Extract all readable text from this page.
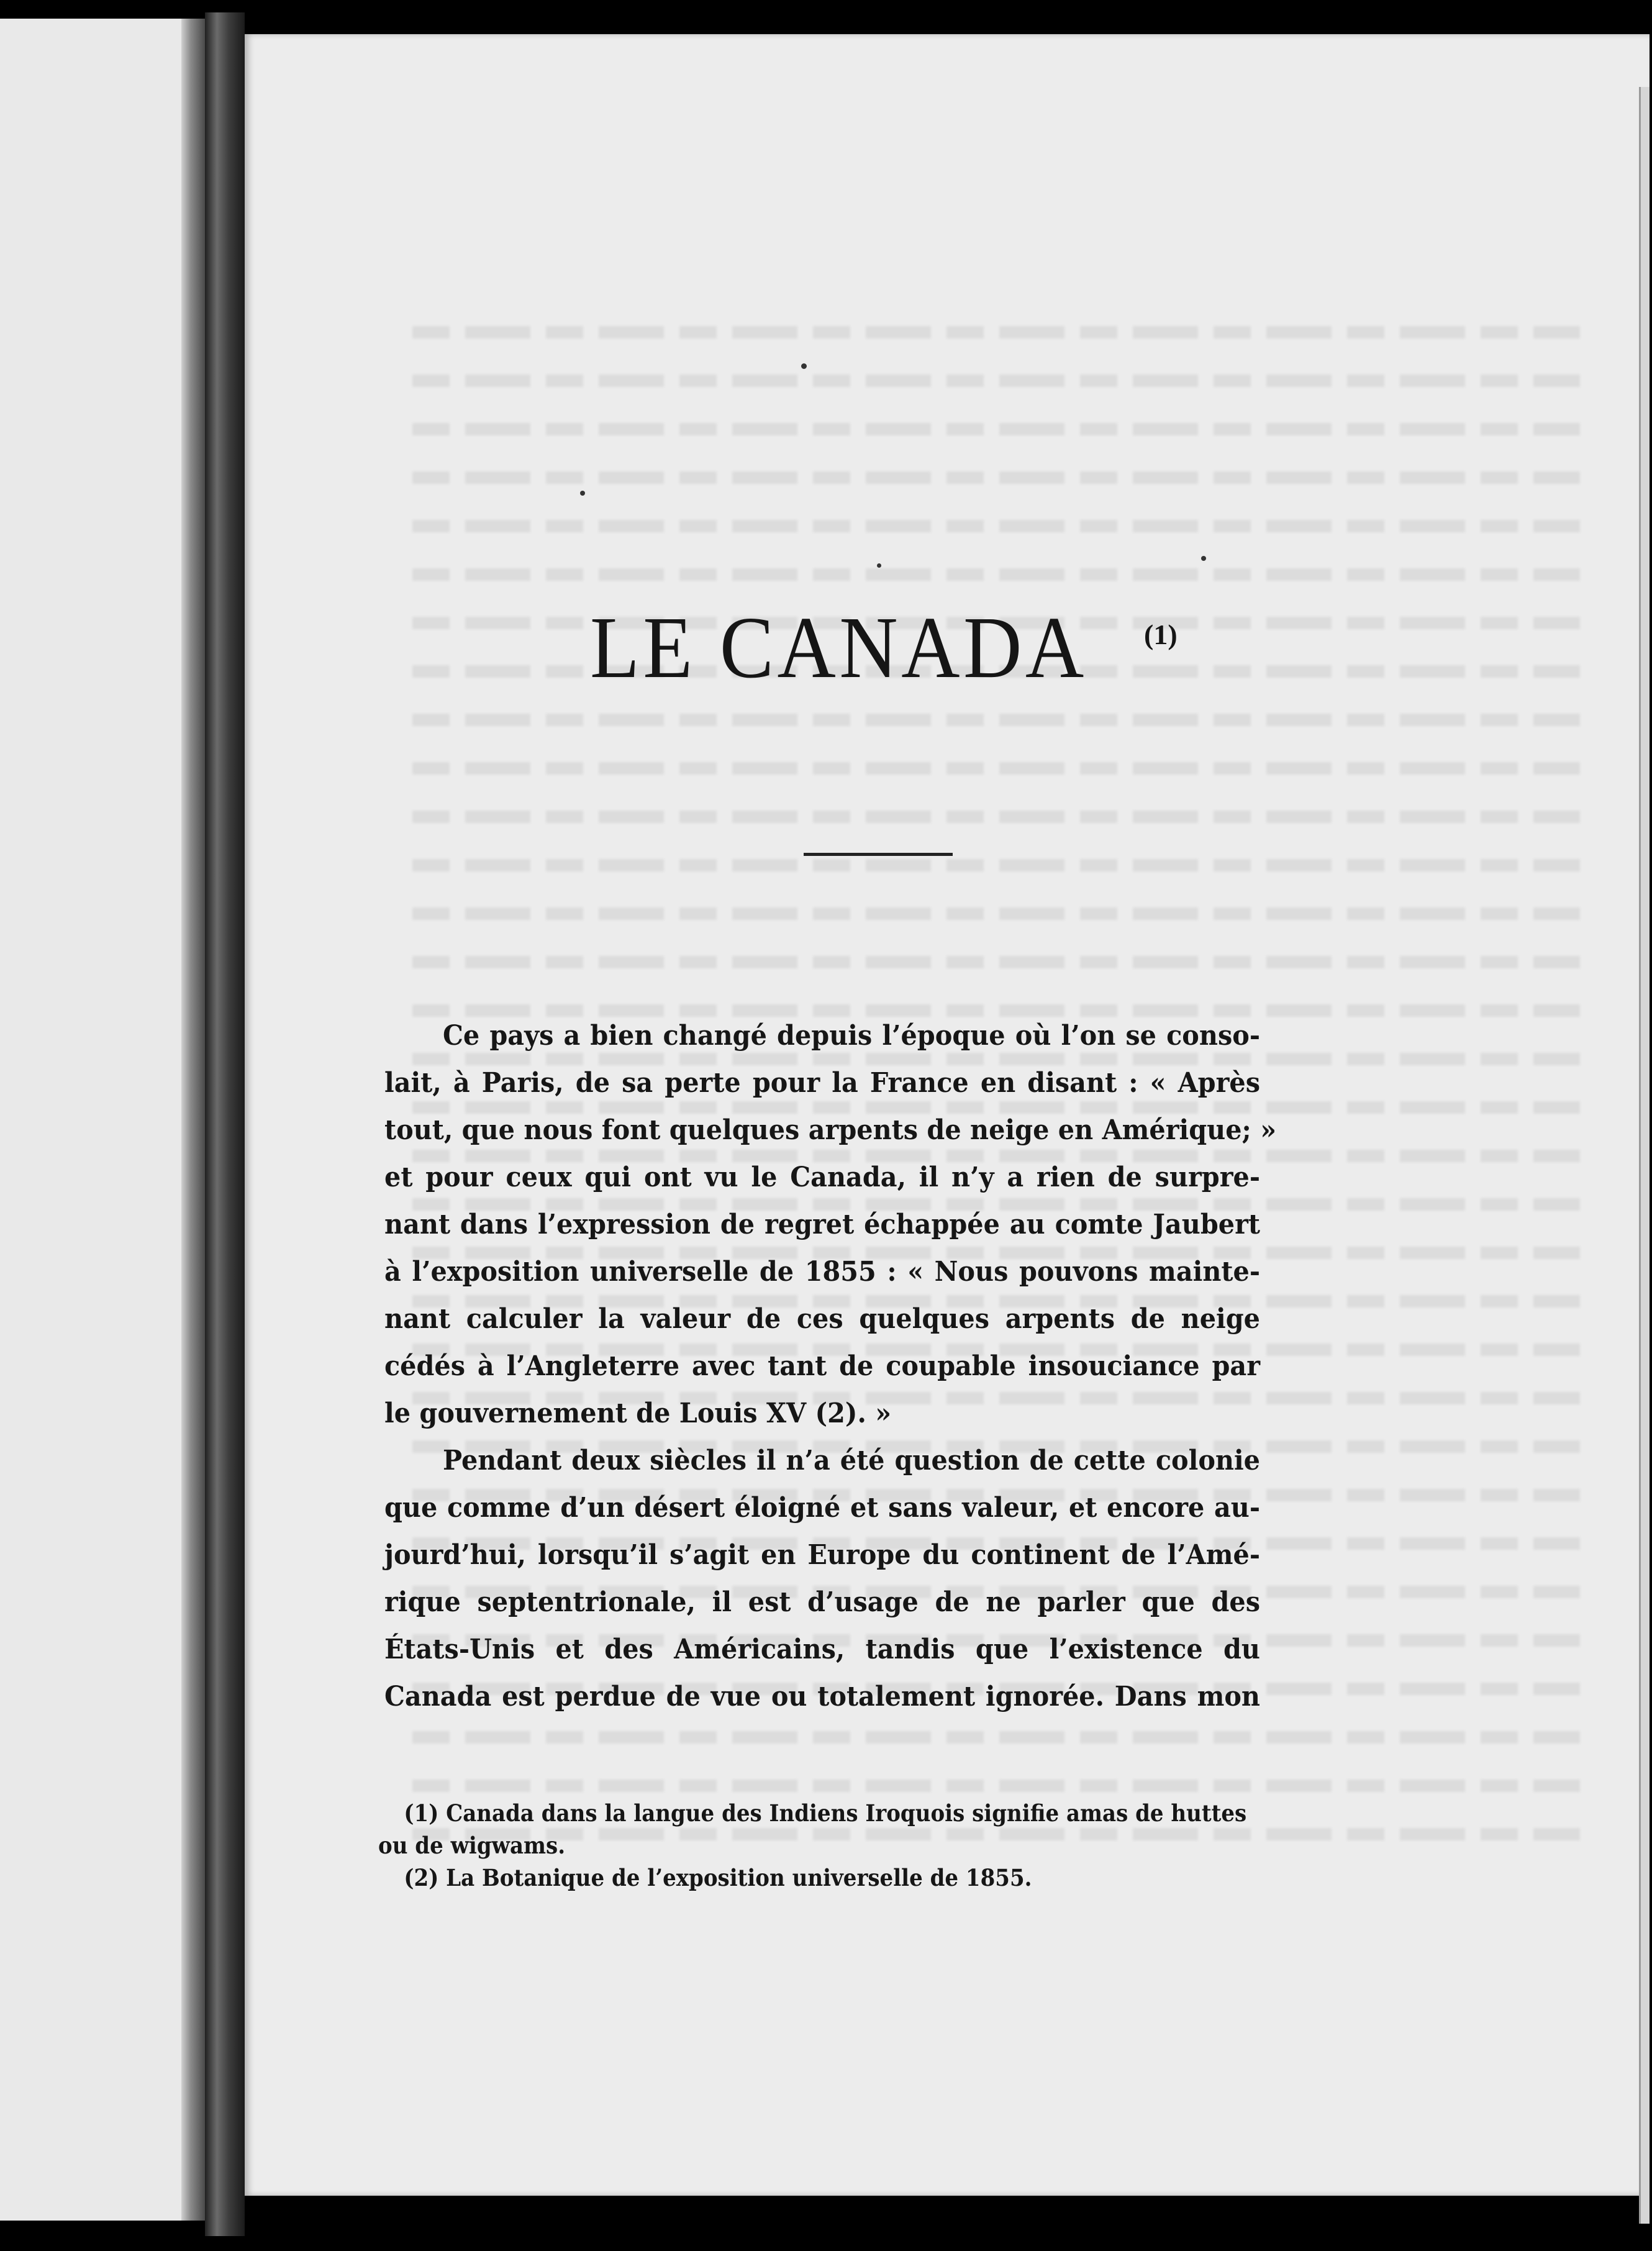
LE CANADA (1)

Ce pays a bien changé depuis l’époque où l’on se conso-
lait, à Paris, de sa perte pour la France en disant : « Après
tout, que nous font quelques arpents de neige en Amérique; »
et pour ceux qui ont vu le Canada, il n’y a rien de surpre-
nant dans l’expression de regret échappée au comte Jaubert
à l’exposition universelle de 1855 : « Nous pouvons mainte-
nant calculer la valeur de ces quelques arpents de neige
cédés à l’Angleterre avec tant de coupable insouciance par
le gouvernement de Louis XV (2). »

Pendant deux siècles il n’a été question de cette colonie
que comme d’un désert éloigné et sans valeur, et encore au-
jourd’hui, lorsqu’il s’agit en Europe du continent de l’Amé-
rique septentrionale, il est d’usage de ne parler que des
États-Unis et des Américains, tandis que l’existence du
Canada est perdue de vue ou totalement ignorée. Dans mon

(1) Canada dans la langue des Indiens Iroquois signifie amas de huttes
ou de wigwams.
(2) La Botanique de l’exposition universelle de 1855.
